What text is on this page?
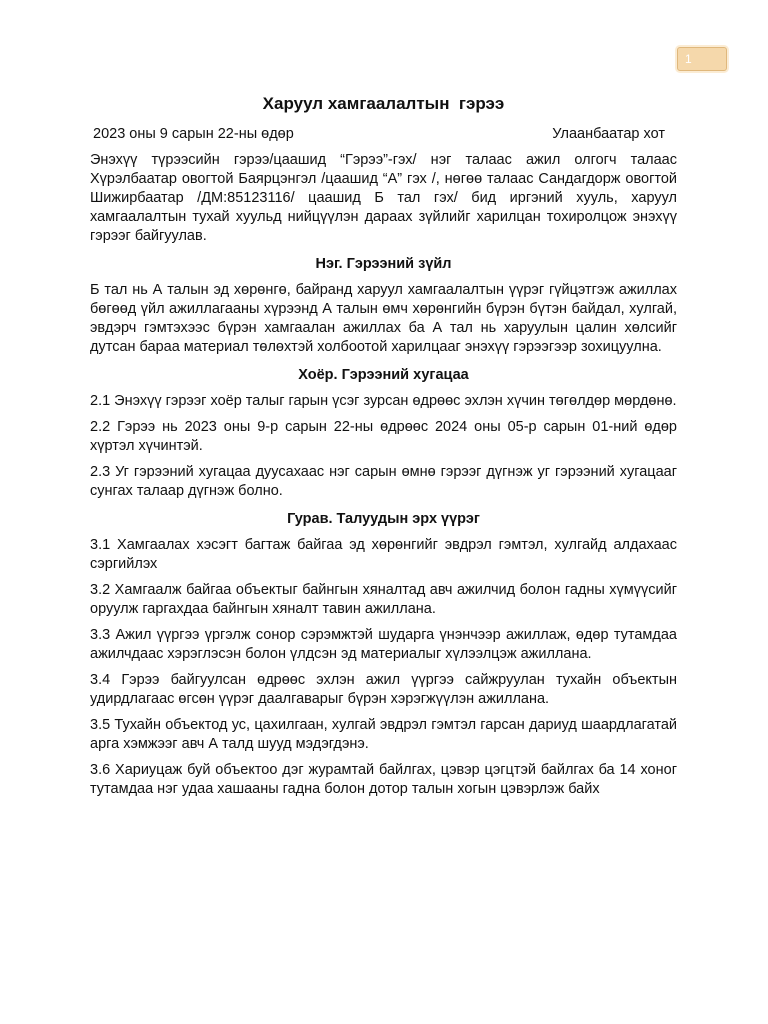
1
Харуул хамгаалалтын  гэрээ
2023 оны 9 сарын 22-ны өдөр	Улаанбаатар хот

Энэхүү түрээсийн гэрээ/цаашид “Гэрээ”-гэх/ нэг талаас ажил олгогч талаас Хүрэлбаатар овогтой Баярцэнгэл /цаашид “А” гэх /, нөгөө талаас Сандагдорж овогтой Шижирбаатар /ДМ:85123116/ цаашид Б тал гэх/ бид иргэний хууль, харуул хамгаалалтын тухай хуульд нийцүүлэн дараах зүйлийг харилцан тохиролцож энэхүү гэрээг байгуулав.

Нэг. Гэрээний зүйл

Б тал нь А талын эд хөрөнгө, байранд харуул хамгаалалтын үүрэг гүйцэтгэж ажиллах бөгөөд үйл ажиллагааны хүрээнд А талын өмч хөрөнгийн бүрэн бүтэн байдал, хулгай, эвдэрч гэмтэхээс бүрэн хамгаалан ажиллах ба А тал нь харуулын цалин хөлсийг дутсан бараа материал төлөхтэй холбоотой харилцааг энэхүү гэрээгээр зохицуулна.

Хоёр. Гэрээний хугацаа

2.1 Энэхүү гэрээг хоёр талыг гарын үсэг зурсан өдрөөс эхлэн хүчин төгөлдөр мөрдөнө.

2.2 Гэрээ нь 2023 оны 9-р сарын 22-ны өдрөөс 2024 оны 05-р сарын 01-ний өдөр хүртэл хүчинтэй.

2.3 Уг гэрээний хугацаа дуусахаас нэг сарын өмнө гэрээг дүгнэж уг гэрээний хугацааг сунгах талаар дүгнэж болно.

Гурав. Талуудын эрх үүрэг

3.1 Хамгаалах хэсэгт багтаж байгаа эд хөрөнгийг эвдрэл гэмтэл, хулгайд алдахаас сэргийлэх

3.2 Хамгаалж байгаа объектыг байнгын хяналтад авч ажилчид болон гадны хүмүүсийг оруулж гаргахдаа байнгын хяналт тавин ажиллана.

3.3 Ажил үүргээ үргэлж сонор сэрэмжтэй шударга үнэнчээр ажиллаж, өдөр тутамдаа ажилчдаас хэрэглэсэн болон үлдсэн эд материалыг хүлээлцэж ажиллана.

3.4 Гэрээ байгуулсан өдрөөс эхлэн ажил үүргээ сайжруулан тухайн объектын удирдлагаас өгсөн үүрэг даалгаварыг бүрэн хэрэгжүүлэн ажиллана.

3.5 Тухайн объектод ус, цахилгаан, хулгай эвдрэл гэмтэл гарсан дариуд шаардлагатай арга хэмжээг авч А талд шууд мэдэгдэнэ.

3.6 Хариуцаж буй объектоо дэг журамтай байлгах, цэвэр цэгцтэй байлгах ба 14 хоног тутамдаа нэг удаа хашааны гадна болон дотор талын хогын цэвэрлэж байх
